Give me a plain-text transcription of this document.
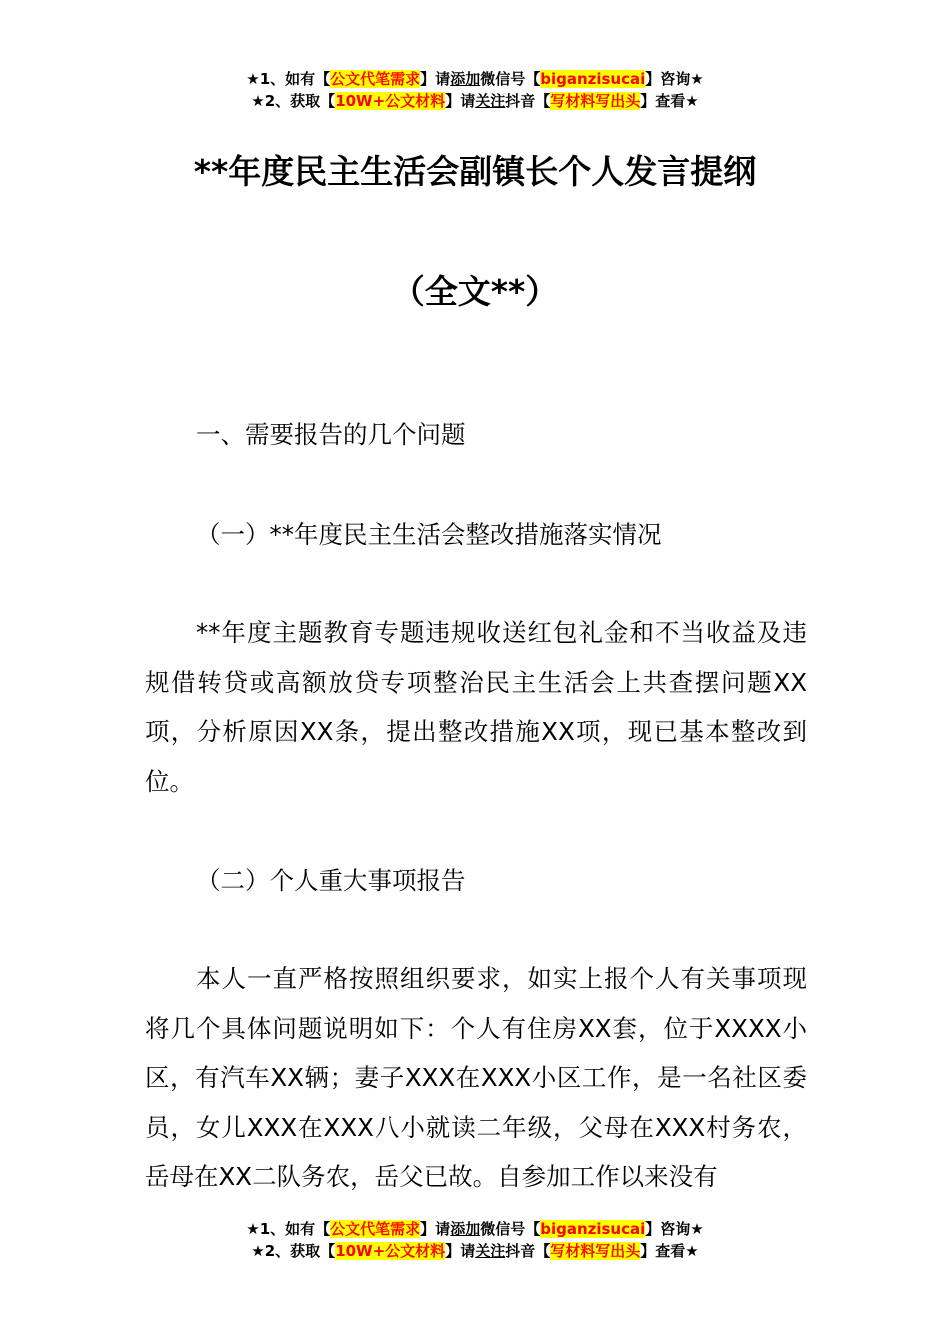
★1、如有【公文代笔需求】请添加微信号【biganzisucai】咨询★
★2、获取【10W+公文材料】请关注抖音【写材料写出头】查看★
**年度民主生活会副镇长个人发言提纲
（全文**）
一、需要报告的几个问题
（一）**年度民主生活会整改措施落实情况
**年度主题教育专题违规收送红包礼金和不当收益及违规借转贷或高额放贷专项整治民主生活会上共查摆问题XX项，分析原因XX条，提出整改措施XX项，现已基本整改到位。
（二）个人重大事项报告
本人一直严格按照组织要求，如实上报个人有关事项现将几个具体问题说明如下：个人有住房XX套，位于XXXX小区，有汽车XX辆；妻子XXX在XXX小区工作，是一名社区委员，女儿XXX在XXX八小就读二年级，父母在XXX村务农，岳母在XX二队务农，岳父已故。自参加工作以来没有
★1、如有【公文代笔需求】请添加微信号【biganzisucai】咨询★
★2、获取【10W+公文材料】请关注抖音【写材料写出头】查看★
